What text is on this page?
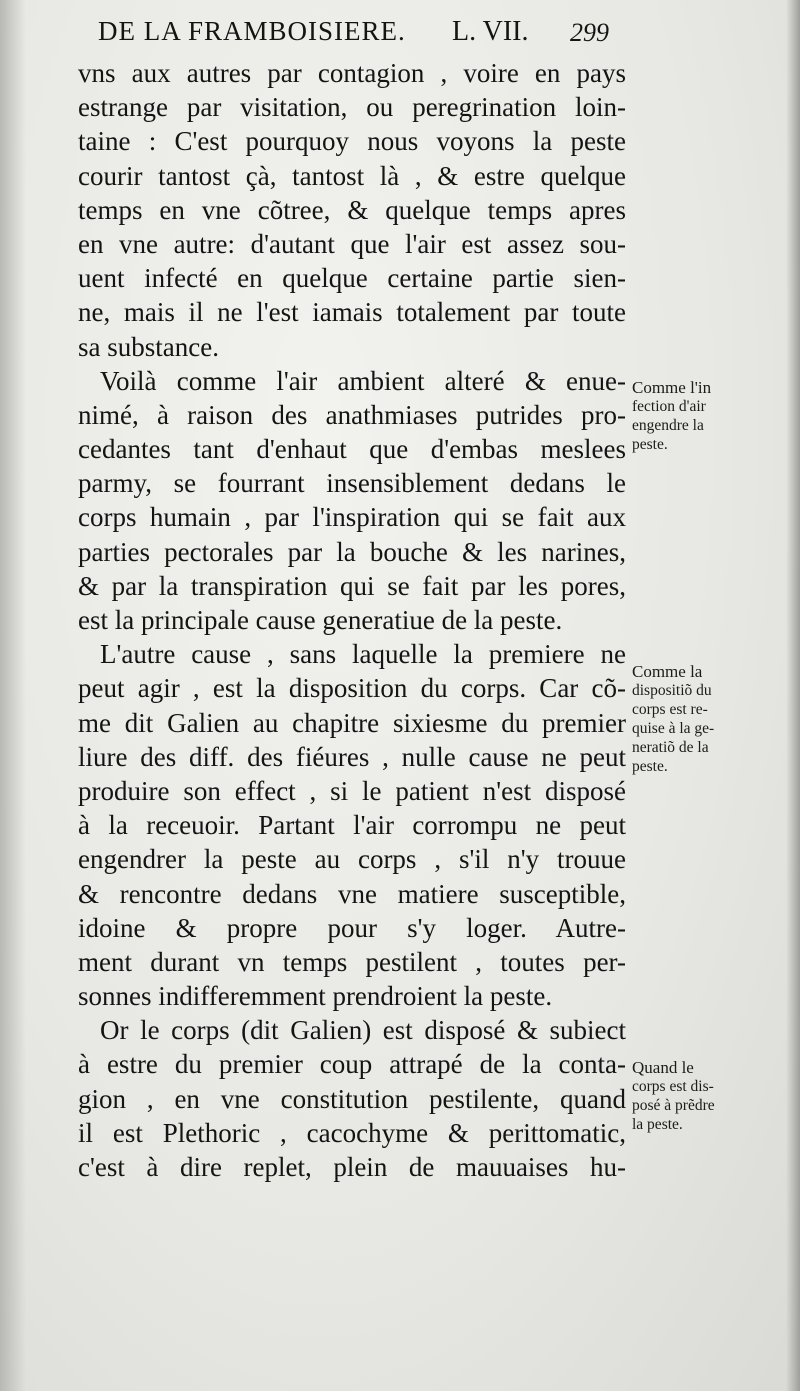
DE LA FRAMBOISIERE. L. VII. 299
vns aux autres par contagion , voire en pays
estrange par visitation, ou peregrination loin-
taine : C'est pourquoy nous voyons la peste
courir tantost çà, tantost là , & estre quelque
temps en vne cõtree, & quelque temps apres
en vne autre: d'autant que l'air est assez sou-
uent infecté en quelque certaine partie sien-
ne, mais il ne l'est iamais totalement par toute
sa substance.
Voilà comme l'air ambient alteré & enue-
nimé, à raison des anathmiases putrides pro-
cedantes tant d'enhaut que d'embas meslees
parmy, se fourrant insensiblement dedans le
corps humain , par l'inspiration qui se fait aux
parties pectorales par la bouche & les narines,
& par la transpiration qui se fait par les pores,
est la principale cause generatiue de la peste.
L'autre cause , sans laquelle la premiere ne
peut agir , est la disposition du corps. Car cõ-
me dit Galien au chapitre sixiesme du premier
liure des diff. des fiéures , nulle cause ne peut
produire son effect , si le patient n'est disposé
à la receuoir. Partant l'air corrompu ne peut
engendrer la peste au corps , s'il n'y trouue
& rencontre dedans vne matiere susceptible,
idoine & propre pour s'y loger. Autre-
ment durant vn temps pestilent , toutes per-
sonnes indifferemment prendroient la peste.
Or le corps (dit Galien) est disposé & subiect
à estre du premier coup attrapé de la conta-
gion , en vne constitution pestilente, quand
il est Plethoric , cacochyme & perittomatic,
c'est à dire replet, plein de mauuaises hu-
Comme l'in
fection d'air
engendre la
peste.
Comme la
dispositiõ du
corps est re-
quise à la ge-
neratiõ de la
peste.
Quand le
corps est dis-
posé à prẽdre
la peste.
